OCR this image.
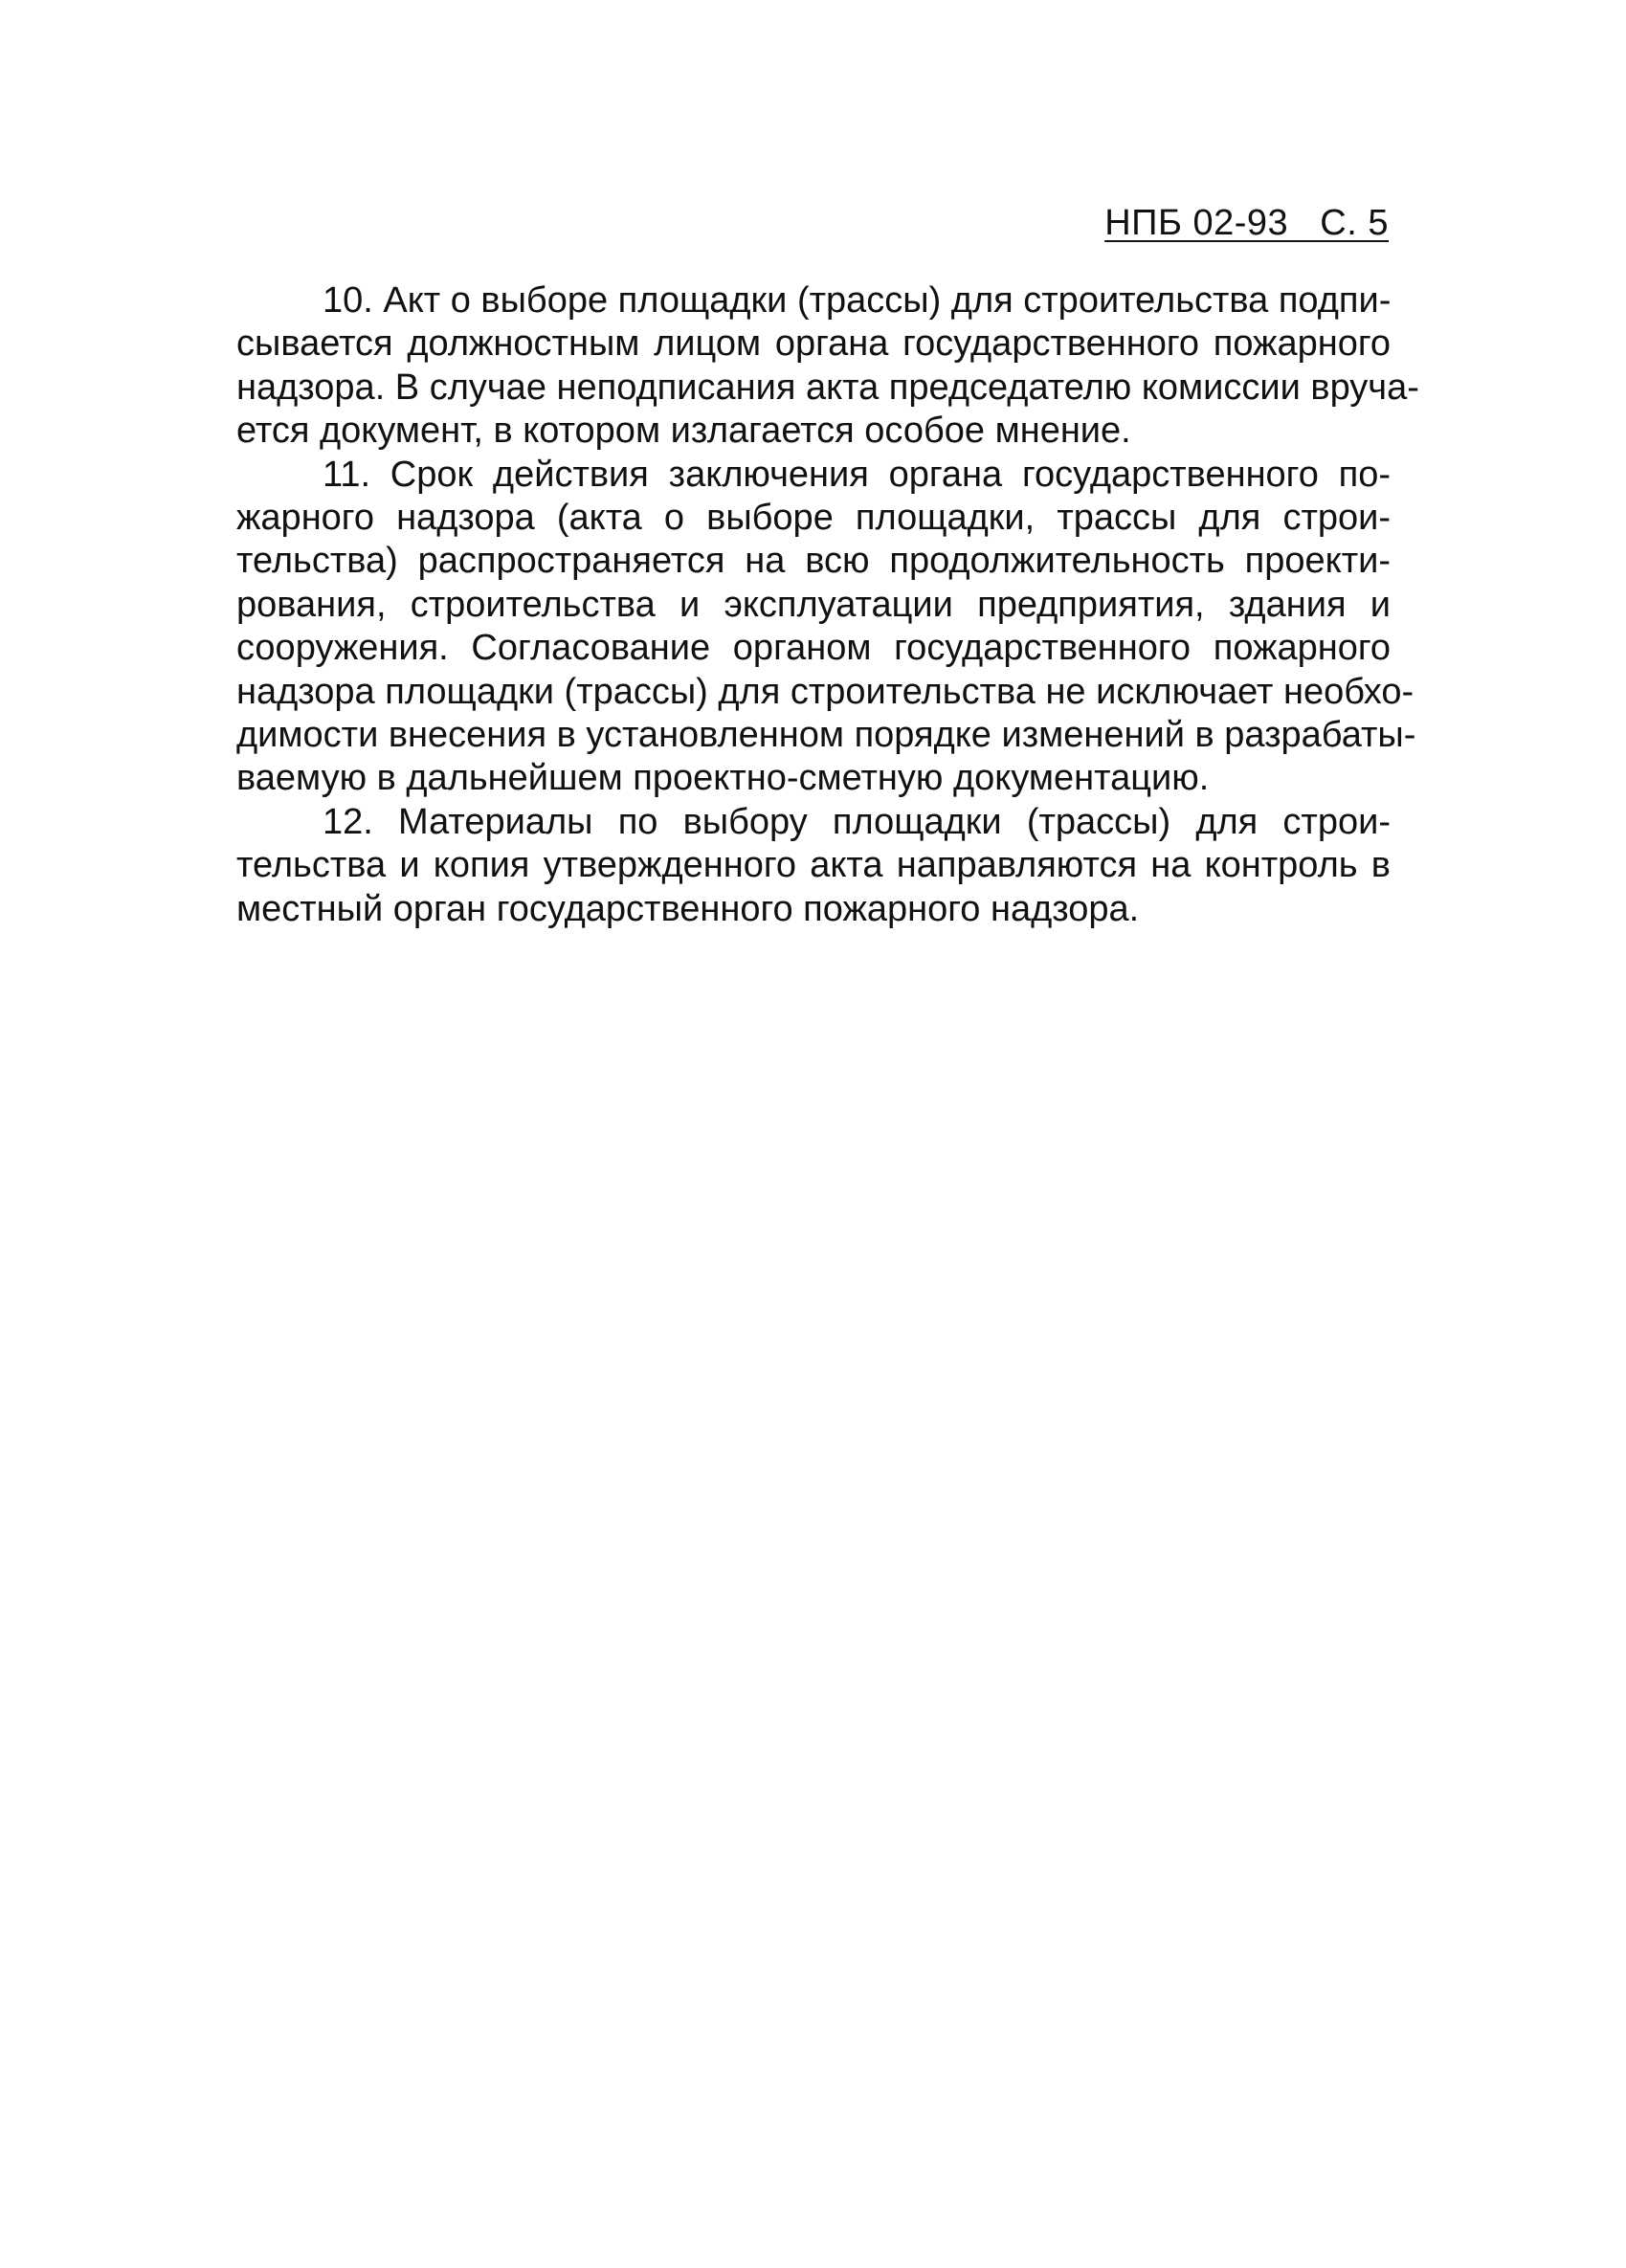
НПБ 02-93   С. 5

10. Акт о выборе площадки (трассы) для строительства подпи-
сывается должностным лицом органа государственного пожарного
надзора. В случае неподписания акта председателю комиссии вруча-
ется документ, в котором излагается особое мнение.

11. Срок действия заключения органа государственного по-
жарного надзора (акта о выборе площадки, трассы для строи-
тельства) распространяется на всю продолжительность проекти-
рования, строительства и эксплуатации предприятия, здания и
сооружения. Согласование органом государственного пожарного
надзора площадки (трассы) для строительства не исключает необхо-
димости внесения в установленном порядке изменений в разрабаты-
ваемую в дальнейшем проектно-сметную документацию.

12. Материалы по выбору площадки (трассы) для строи-
тельства и копия утвержденного акта направляются на контроль в
местный орган государственного пожарного надзора.
